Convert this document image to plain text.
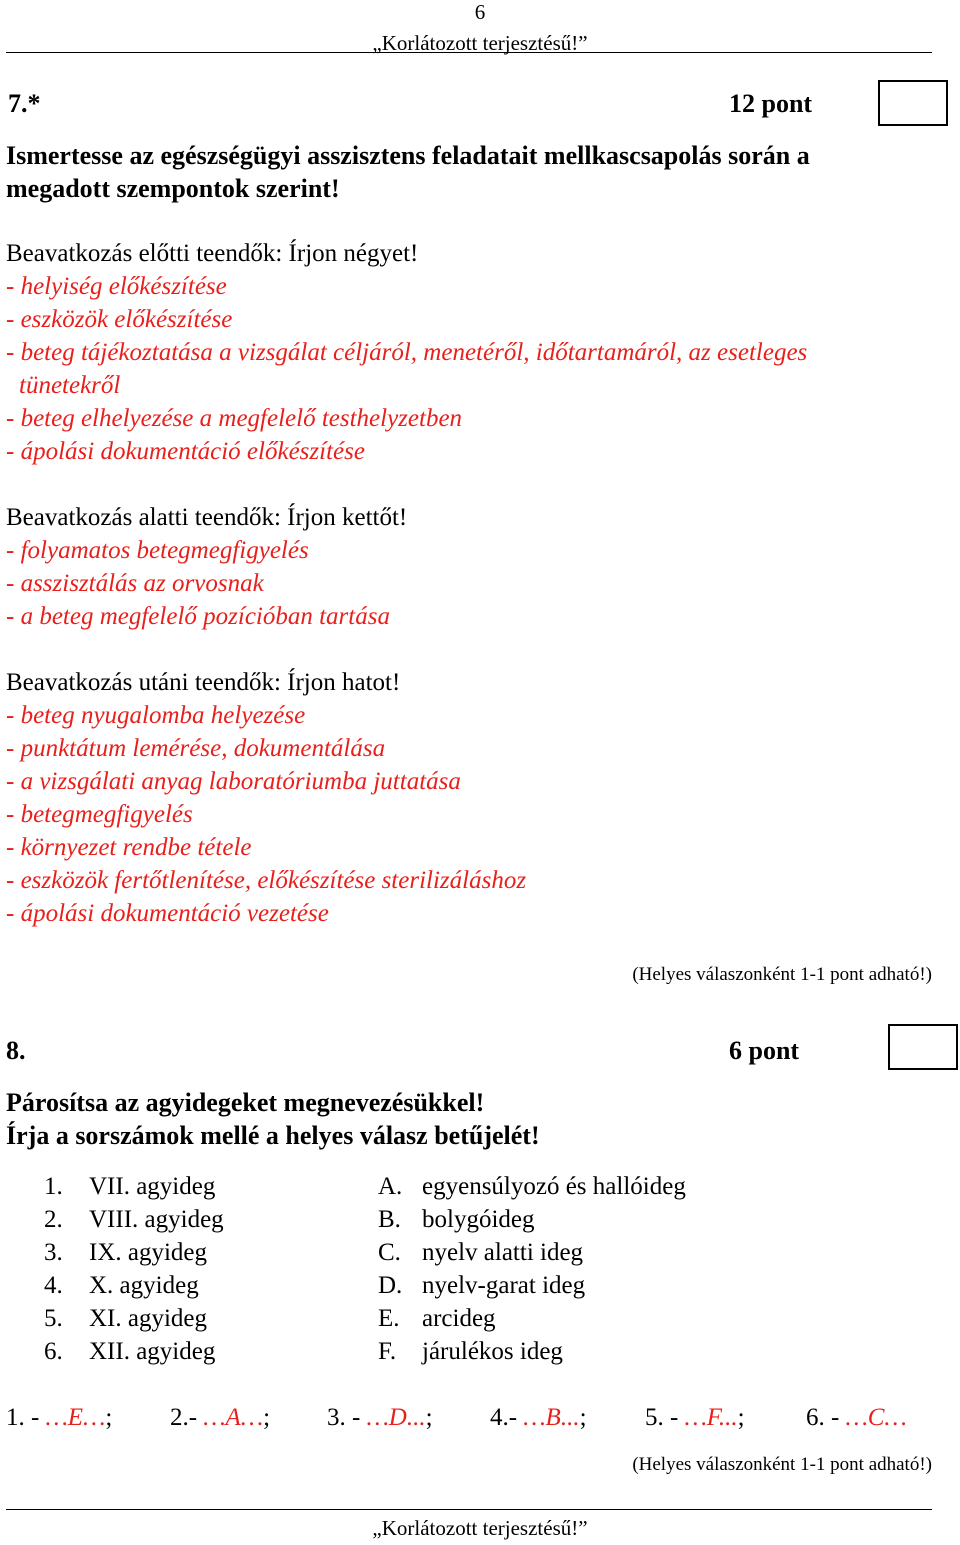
6
„Korlátozott terjesztésű!”
7.*	12 pont
Ismertesse az egészségügyi asszisztens feladatait mellkascsapolás során a
megadott szempontok szerint!
Beavatkozás előtti teendők: Írjon négyet!
- helyiség előkészítése
- eszközök előkészítése
- beteg tájékoztatása a vizsgálat céljáról, menetéről, időtartamáról, az esetleges
tünetekről
- beteg elhelyezése a megfelelő testhelyzetben
- ápolási dokumentáció előkészítése
Beavatkozás alatti teendők: Írjon kettőt!
- folyamatos betegmegfigyelés
- asszisztálás az orvosnak
- a beteg megfelelő pozícióban tartása
Beavatkozás utáni teendők: Írjon hatot!
- beteg nyugalomba helyezése
- punktátum lemérése, dokumentálása
- a vizsgálati anyag laboratóriumba juttatása
- betegmegfigyelés
- környezet rendbe tétele
- eszközök fertőtlenítése, előkészítése sterilizáláshoz
- ápolási dokumentáció vezetése
(Helyes válaszonként 1-1 pont adható!)
8.	6 pont
Párosítsa az agyidegeket megnevezésükkel!
Írja a sorszámok mellé a helyes válasz betűjelét!
1. VII. agyideg
2. VIII. agyideg
3. IX. agyideg
4. X. agyideg
5. XI. agyideg
6. XII. agyideg
A. egyensúlyozó és hallóideg
B. bolygóideg
C. nyelv alatti ideg
D. nyelv-garat ideg
E. arcideg
F. járulékos ideg
1. - …E…; 2.- …A…; 3. - …D...; 4.- …B...; 5. - …F...; 6. - …C…
(Helyes válaszonként 1-1 pont adható!)
„Korlátozott terjesztésű!”
